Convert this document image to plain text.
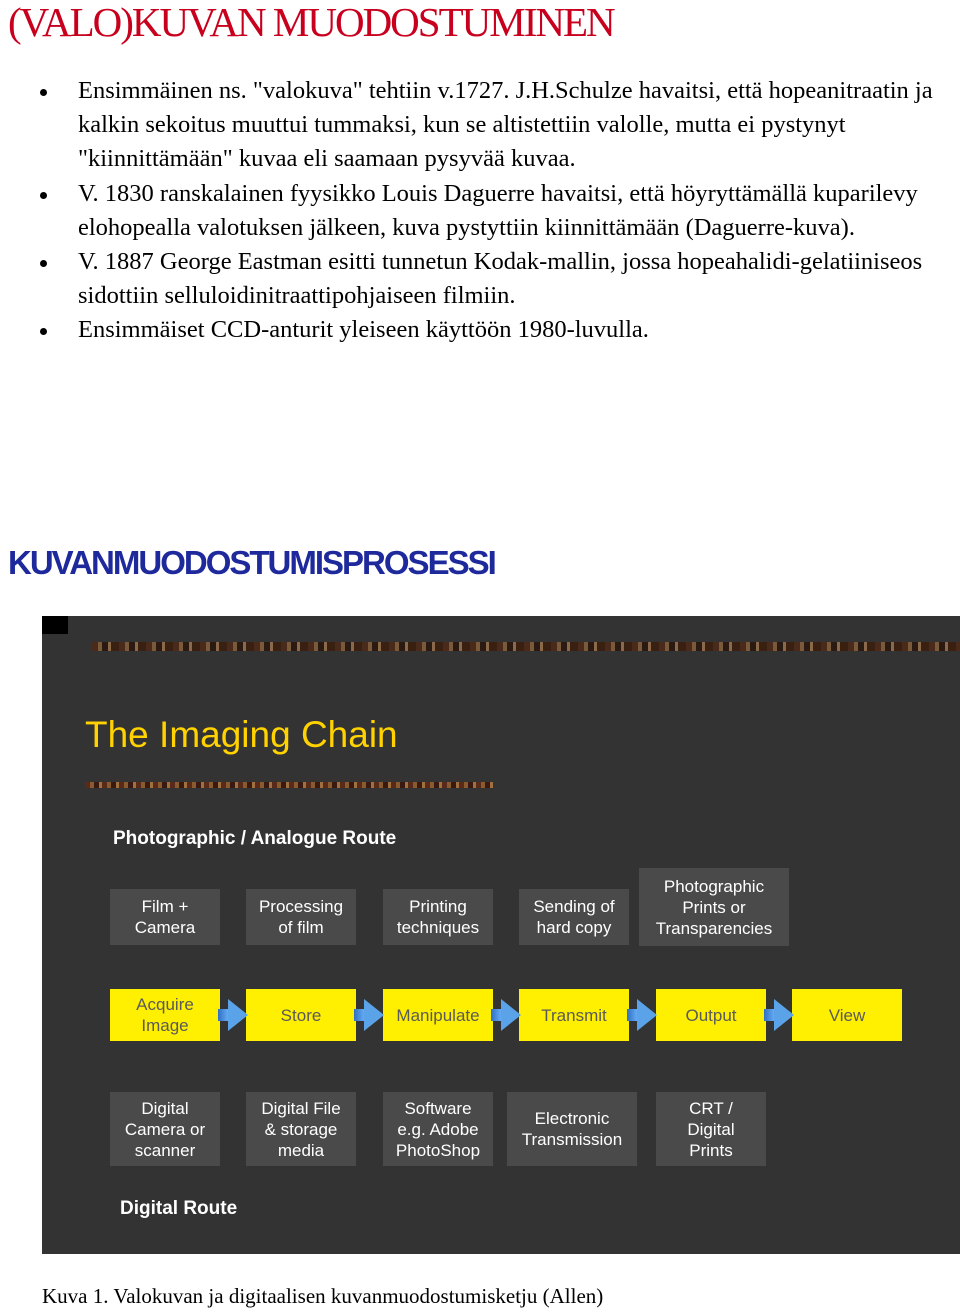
(VALO)KUVAN MUODOSTUMINEN
Ensimmäinen ns. "valokuva" tehtiin v.1727. J.H.Schulze havaitsi, että hopeanitraatin ja kalkin sekoitus muuttui tummaksi, kun se altistettiin valolle, mutta ei pystynyt "kiinnittämään" kuvaa eli saamaan pysyvää kuvaa.
V. 1830 ranskalainen fyysikko Louis Daguerre havaitsi, että höyryttämällä kuparilevy elohopealla valotuksen jälkeen, kuva pystyttiin kiinnittämään (Daguerre-kuva).
V. 1887 George Eastman esitti tunnetun Kodak-mallin, jossa hopeahalidi-gelatiiniseos sidottiin selluloidinitraattipohjaiseen filmiin.
Ensimmäiset CCD-anturit yleiseen käyttöön 1980-luvulla.
KUVANMUODOSTUMISPROSESSI
The Imaging Chain
Photographic / Analogue Route
Film +
Camera
Processing
of film
Printing
techniques
Sending of
hard copy
Photographic
Prints or
Transparencies
Acquire
Image
Store	Manipulate	Transmit	Output	View
Digital
Camera or
scanner
Digital File
& storage
media
Software
e.g. Adobe
PhotoShop
Electronic
Transmission
CRT /
Digital
Prints
Digital Route

Kuva 1. Valokuvan ja digitaalisen kuvanmuodostumisketju (Allen)
